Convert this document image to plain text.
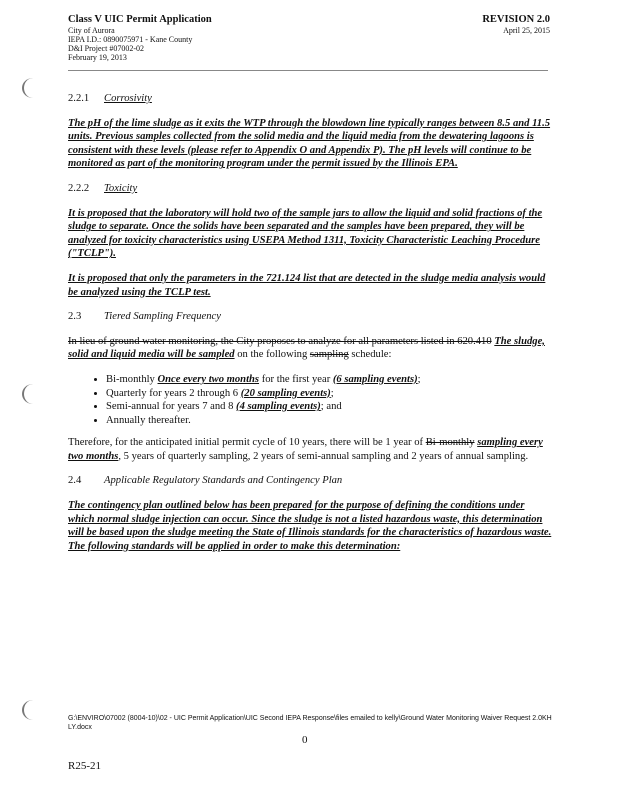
Class V UIC Permit Application
City of Aurora
IEPA I.D.: 0890075971 - Kane County
D&I Project #07002-02
February 19, 2013
REVISION 2.0
April 25, 2015
2.2.1 Corrosivity

The pH of the lime sludge as it exits the WTP through the blowdown line typically ranges between 8.5 and 11.5 units. Previous samples collected from the solid media and the liquid media from the dewatering lagoons is consistent with these levels (please refer to Appendix O and Appendix P). The pH levels will continue to be monitored as part of the monitoring program under the permit issued by the Illinois EPA.

2.2.2 Toxicity

It is proposed that the laboratory will hold two of the sample jars to allow the liquid and solid fractions of the sludge to separate. Once the solids have been separated and the samples have been prepared, they will be analyzed for toxicity characteristics using USEPA Method 1311, Toxicity Characteristic Leaching Procedure ("TCLP").

It is proposed that only the parameters in the 721.124 list that are detected in the sludge media analysis would be analyzed using the TCLP test.

2.3 Tiered Sampling Frequency

In lieu of ground water monitoring, the City proposes to analyze for all parameters listed in 620.410 The sludge, solid and liquid media will be sampled on the following sampling schedule:

• Bi-monthly Once every two months for the first year (6 sampling events);
• Quarterly for years 2 through 6 (20 sampling events);
• Semi-annual for years 7 and 8 (4 sampling events); and
• Annually thereafter.

Therefore, for the anticipated initial permit cycle of 10 years, there will be 1 year of Bi-monthly sampling every two months, 5 years of quarterly sampling, 2 years of semi-annual sampling and 2 years of annual sampling.

2.4 Applicable Regulatory Standards and Contingency Plan

The contingency plan outlined below has been prepared for the purpose of defining the conditions under which normal sludge injection can occur. Since the sludge is not a listed hazardous waste, this determination will be based upon the sludge meeting the State of Illinois standards for the characteristics of hazardous waste. The following standards will be applied in order to make this determination:

G:\ENVIRO\07002 (8004-10)\02 - UIC Permit Application\UIC Second IEPA Response\files emailed to kelly\Ground Water Monitoring Waiver Request 2.0KH LY.docx
0
R25-21
